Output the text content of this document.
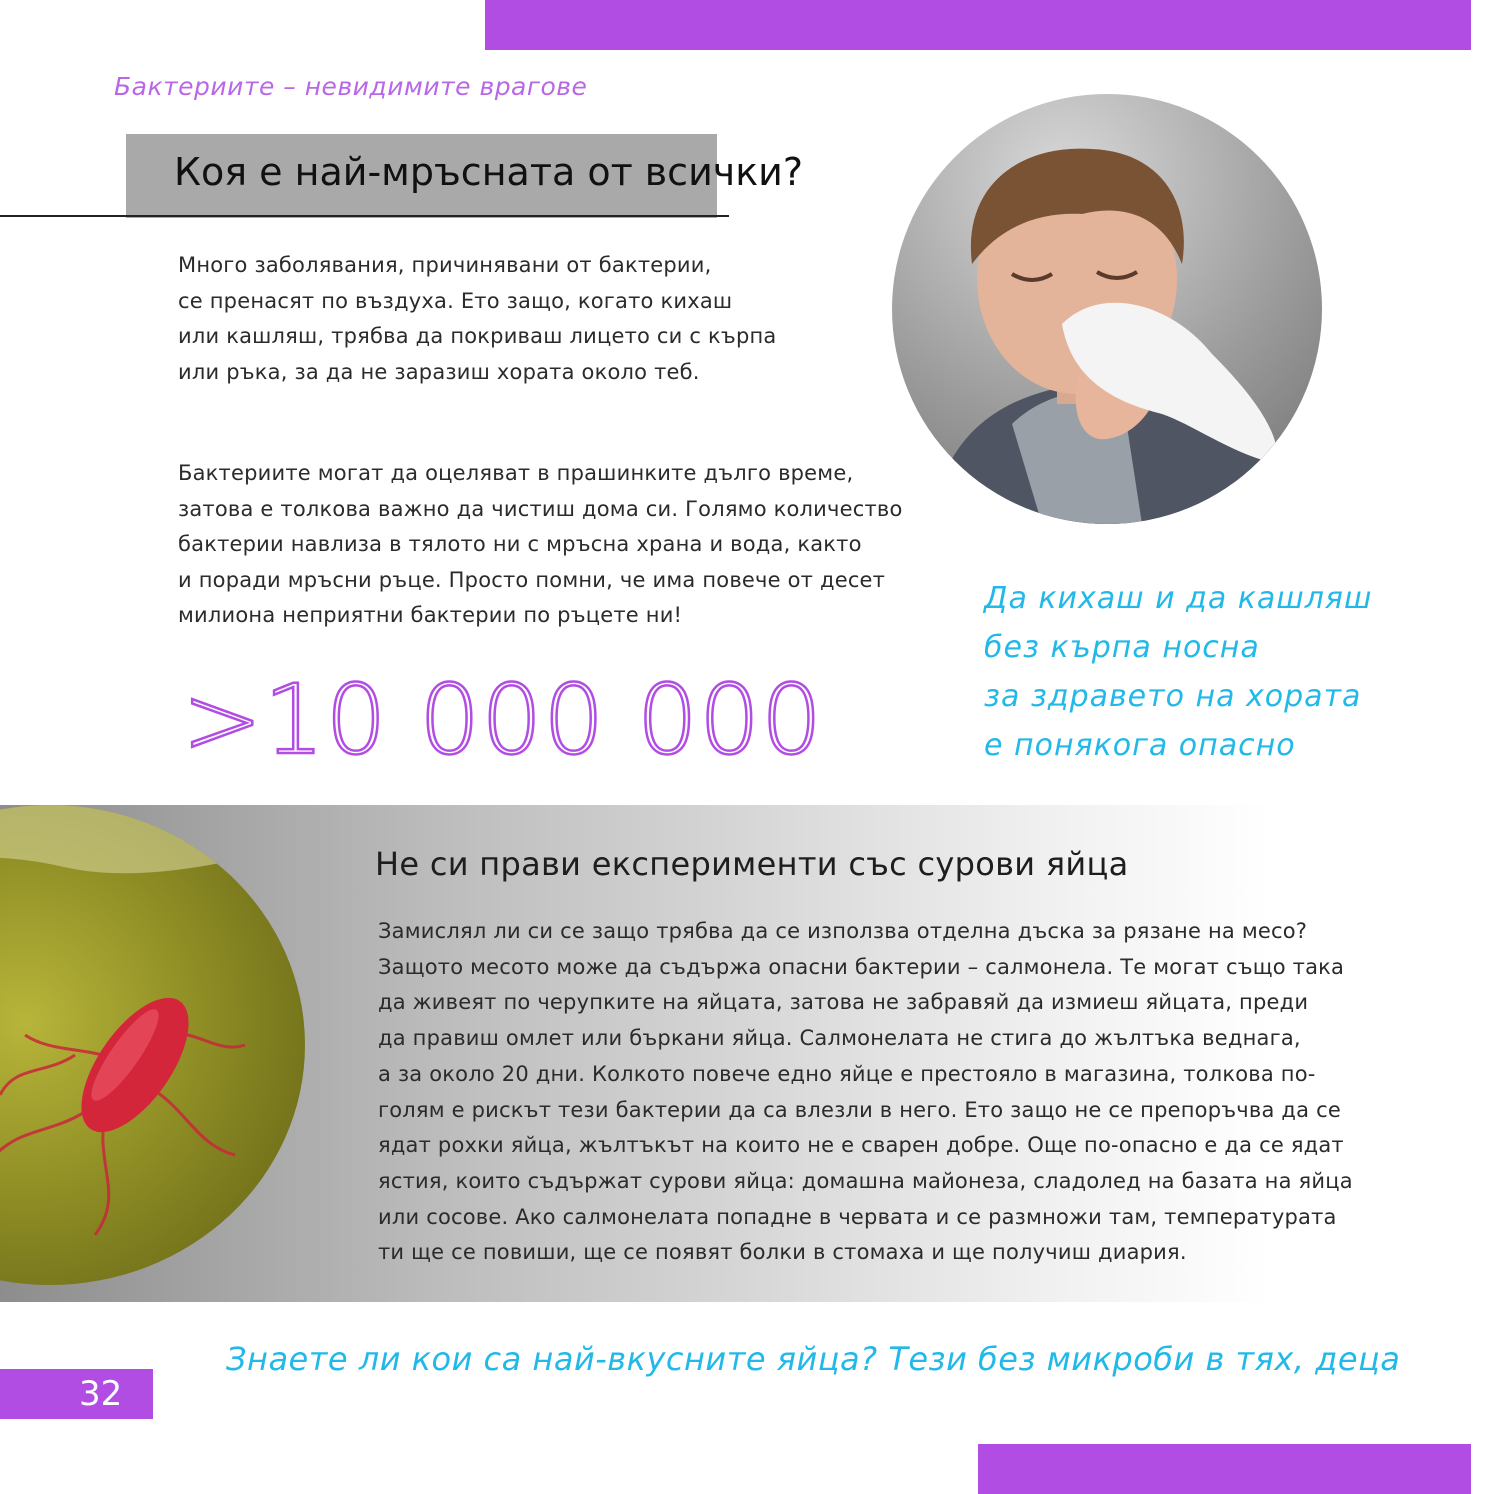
Бактериите – невидимите врагове
Коя е най-мръсната от всички?
Много заболявания, причинявани от бактерии,
се пренасят по въздуха. Ето защо, когато кихаш
или кашляш, трябва да покриваш лицето си с кърпа
или ръка, за да не заразиш хората около теб.
Бактериите могат да оцеляват в прашинките дълго време,
затова е толкова важно да чистиш дома си. Голямо количество
бактерии навлиза в тялото ни с мръсна храна и вода, както
и поради мръсни ръце. Просто помни, че има повече от десет
милиона неприятни бактерии по ръцете ни!
>10 000 000
Да кихаш и да кашляш
без кърпа носна
за здравето на хората
е понякога опасно
Не си прави експерименти със сурови яйца
Замислял ли си се защо трябва да се използва отделна дъска за рязане на месо?
Защото месото може да съдържа опасни бактерии – салмонела. Те могат също така
да живеят по черупките на яйцата, затова не забравяй да измиеш яйцата, преди
да правиш омлет или бъркани яйца. Салмонелата не стига до жълтъка веднага,
а за около 20 дни. Колкото повече едно яйце е престояло в магазина, толкова по-
голям е рискът тези бактерии да са влезли в него. Ето защо не се препоръчва да се
ядат рохки яйца, жълтъкът на които не е сварен добре. Още по-опасно е да се ядат
ястия, които съдържат сурови яйца: домашна майонеза, сладолед на базата на яйца
или сосове. Ако салмонелата попадне в червата и се размножи там, температурата
ти ще се повиши, ще се появят болки в стомаха и ще получиш диария.
Знаете ли кои са най-вкусните яйца? Тези без микроби в тях, деца
32
